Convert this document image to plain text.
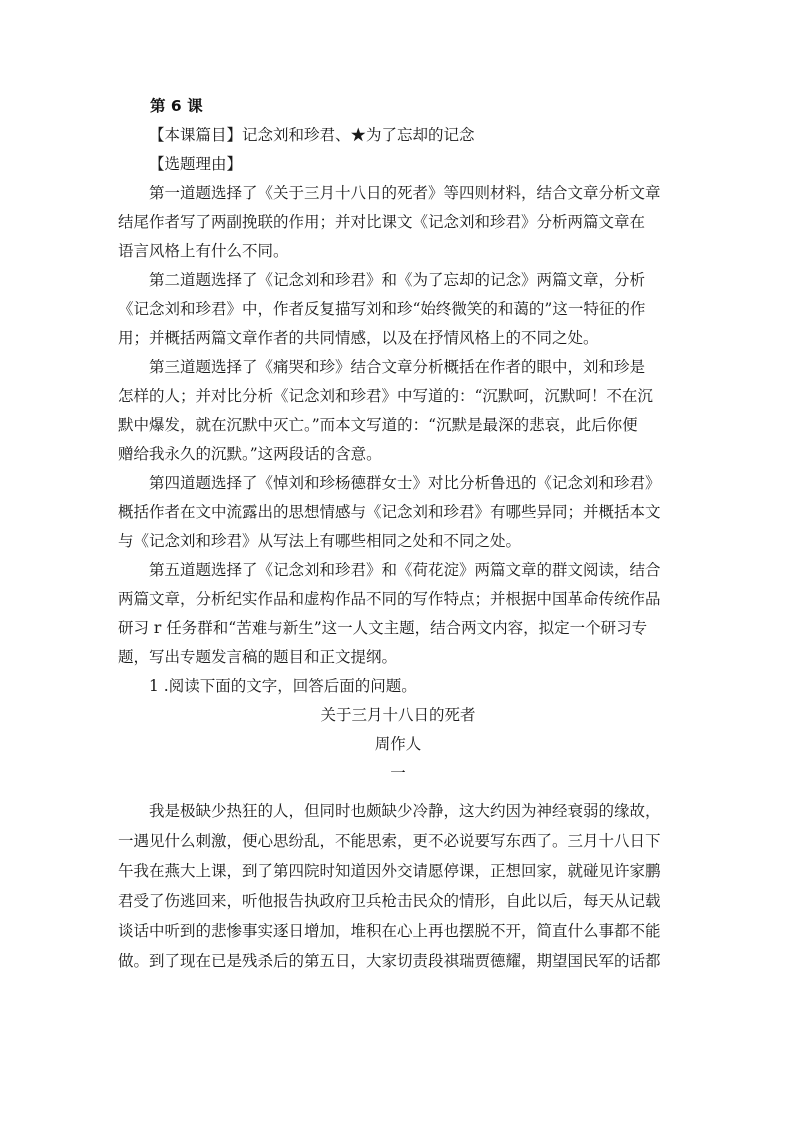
第 6 课
【本课篇目】记念刘和珍君、★为了忘却的记念
【选题理由】
第一道题选择了《关于三月十八日的死者》等四则材料，结合文章分析文章
结尾作者写了两副挽联的作用；并对比课文《记念刘和珍君》分析两篇文章在
语言风格上有什么不同。
第二道题选择了《记念刘和珍君》和《为了忘却的记念》两篇文章，分析
《记念刘和珍君》中，作者反复描写刘和珍“始终微笑的和蔼的”这一特征的作
用；并概括两篇文章作者的共同情感，以及在抒情风格上的不同之处。
第三道题选择了《痛哭和珍》结合文章分析概括在作者的眼中，刘和珍是
怎样的人；并对比分析《记念刘和珍君》中写道的：“沉默呵，沉默呵！不在沉
默中爆发，就在沉默中灭亡。”而本文写道的：“沉默是最深的悲哀，此后你便
赠给我永久的沉默。”这两段话的含意。
第四道题选择了《悼刘和珍杨德群女士》对比分析鲁迅的《记念刘和珍君》
概括作者在文中流露出的思想情感与《记念刘和珍君》有哪些异同；并概括本文
与《记念刘和珍君》从写法上有哪些相同之处和不同之处。
第五道题选择了《记念刘和珍君》和《荷花淀》两篇文章的群文阅读，结合
两篇文章，分析纪实作品和虚构作品不同的写作特点；并根据中国革命传统作品
研习 r 任务群和“苦难与新生”这一人文主题，结合两文内容，拟定一个研习专
题，写出专题发言稿的题目和正文提纲。
1 .阅读下面的文字，回答后面的问题。
关于三月十八日的死者
周作人
一
我是极缺少热狂的人，但同时也颇缺少冷静，这大约因为神经衰弱的缘故，
一遇见什么刺激，便心思纷乱，不能思索，更不必说要写东西了。三月十八日下
午我在燕大上课，到了第四院时知道因外交请愿停课，正想回家，就碰见许家鹏
君受了伤逃回来，听他报告执政府卫兵枪击民众的情形，自此以后，每天从记载
谈话中听到的悲惨事实逐日增加，堆积在心上再也摆脱不开，简直什么事都不能
做。到了现在已是残杀后的第五日，大家切责段祺瑞贾德耀，期望国民军的话都
